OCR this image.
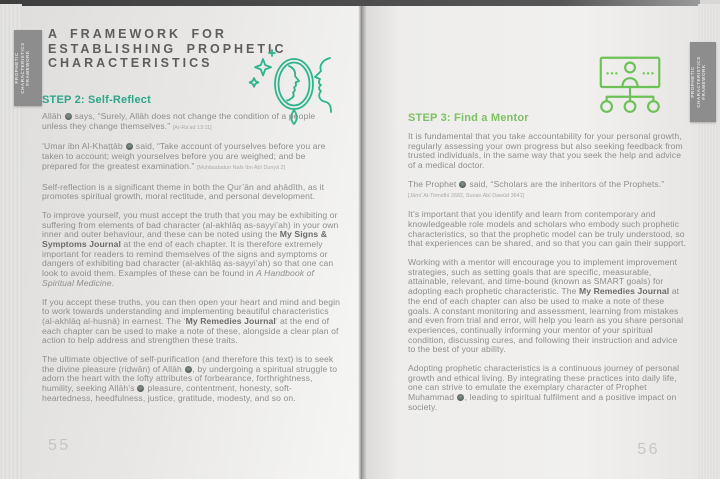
A FRAMEWORK FOR
ESTABLISHING PROPHETIC
CHARACTERISTICS
STEP 2: Self-Reflect

Allāh  says, “Surely, Allāh does not change the condition of a people unless they change themselves.” [Ar-Ra‘ad 13:11]

‘Umar ibn Al-Khaṭṭāb  said, “Take account of yourselves before you are taken to account; weigh yourselves before you are weighed; and be prepared for the greatest examination.” [Muḥāsabatun Nafs Ibn Abī Dunyā 2]

Self-reflection is a significant theme in both the Qur’ān and aḥādīth, as it promotes spiritual growth, moral rectitude, and personal development.

To improve yourself, you must accept the truth that you may be exhibiting or suffering from elements of bad character (al-akhlāq as-sayyi’ah) in your own inner and outer behaviour, and these can be noted using the My Signs & Symptoms Journal at the end of each chapter. It is therefore extremely important for readers to remind themselves of the signs and symptoms or dangers of exhibiting bad character (al-akhlāq as-sayyi’ah) so that one can look to avoid them. Examples of these can be found in A Handbook of Spiritual Medicine.

If you accept these truths, you can then open your heart and mind and begin to work towards understanding and implementing beautiful characteristics (al-akhlāq al-husnā) in earnest. The ‘My Remedies Journal’ at the end of each chapter can be used to make a note of these, alongside a clear plan of action to help address and strengthen these traits.

The ultimate objective of self-purification (and therefore this text) is to seek the divine pleasure (riḍwān) of Allāh , by undergoing a spiritual struggle to adorn the heart with the lofty attributes of forbearance, forthrightness, humility, seeking Allāh’s  pleasure, contentment, honesty, soft-heartedness, heedfulness, justice, gratitude, modesty, and so on.

55
STEP 3: Find a Mentor

It is fundamental that you take accountability for your personal growth, regularly assessing your own progress but also seeking feedback from trusted individuals, in the same way that you seek the help and advice of a medical doctor.

The Prophet  said, “Scholars are the inheritors of the Prophets.”
[Jāmi‘ At-Tirmidhī 2682, Sunan Abī Dawūd 3641]

It’s important that you identify and learn from contemporary and knowledgeable role models and scholars who embody such prophetic characteristics, so that the prophetic model can be truly understood, so that experiences can be shared, and so that you can gain their support.

Working with a mentor will encourage you to implement improvement strategies, such as setting goals that are specific, measurable, attainable, relevant, and time-bound (known as SMART goals) for adopting each prophetic characteristic. The My Remedies Journal at the end of each chapter can also be used to make a note of these goals. A constant monitoring and assessment, learning from mistakes and even from trial and error, will help you learn as you share personal experiences, continually informing your mentor of your spiritual condition, discussing cures, and following their instruction and advice to the best of your ability.

Adopting prophetic characteristics is a continuous journey of personal growth and ethical living. By integrating these practices into daily life, one can strive to emulate the exemplary character of Prophet Muhammad , leading to spiritual fulfilment and a positive impact on society.

56
PROPHETIC CHARACTERISTICS FRAMEWORK	PROPHETIC CHARACTERISTICS FRAMEWORK
